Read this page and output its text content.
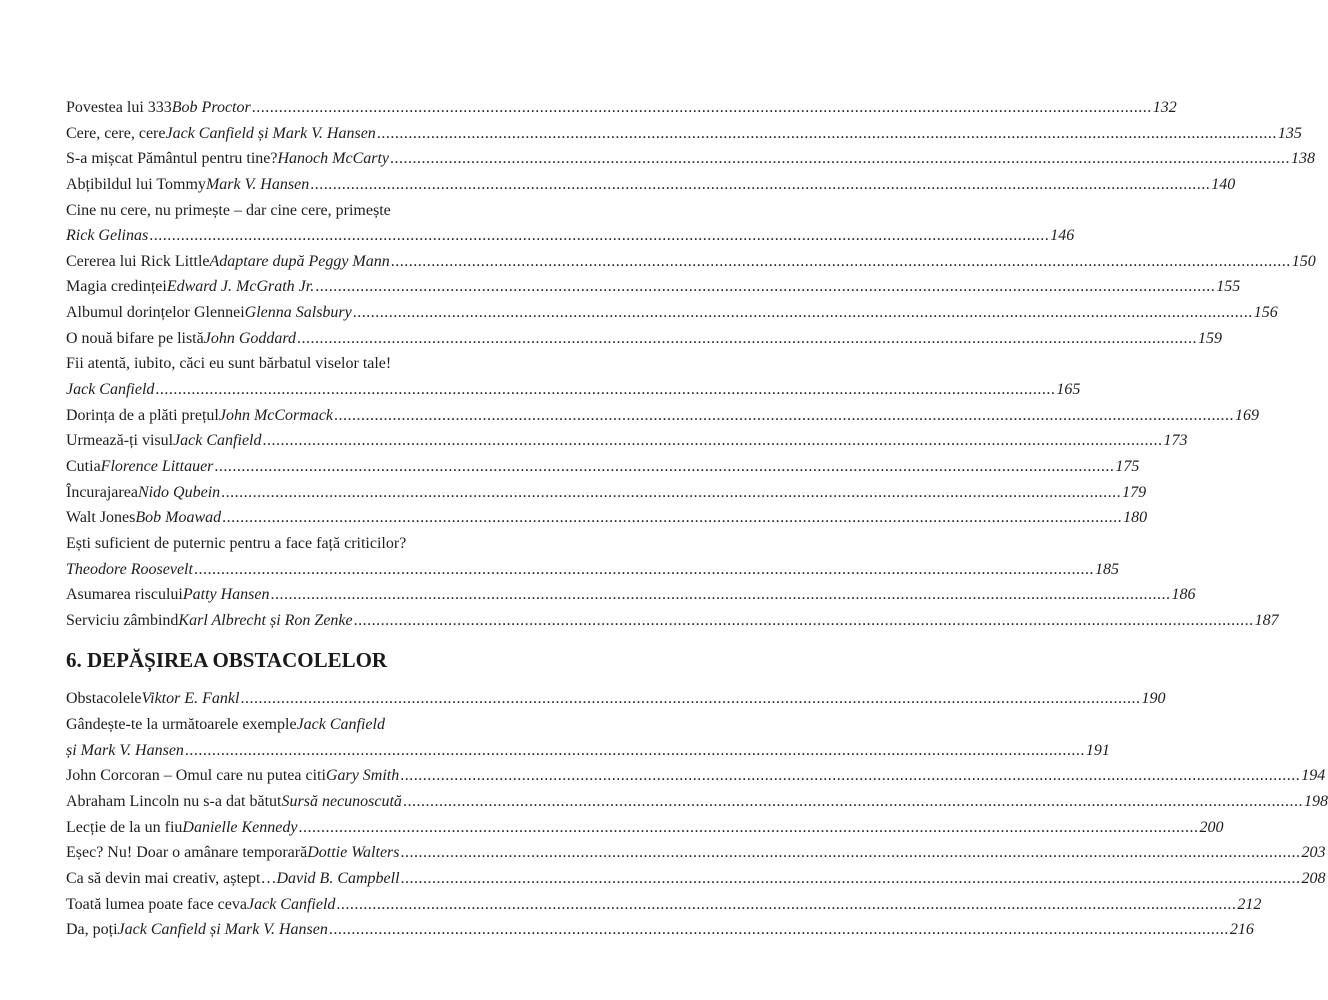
Povestea lui 333 Bob Proctor ........................................................................................................................................................................................................ 132
Cere, cere, cere Jack Canfield și Mark V. Hansen ........................................................................................................................................................................................................ 135
S-a mișcat Pământul pentru tine? Hanoch McCarty ........................................................................................................................................................................................................ 138
Abțibildul lui Tommy Mark V. Hansen ........................................................................................................................................................................................................ 140
Cine nu cere, nu primește – dar cine cere, primește
Rick Gelinas ........................................................................................................................................................................................................ 146
Cererea lui Rick Little Adaptare după Peggy Mann ........................................................................................................................................................................................................ 150
Magia credinței Edward J. McGrath Jr. ........................................................................................................................................................................................................ 155
Albumul dorințelor Glennei Glenna Salsbury ........................................................................................................................................................................................................ 156
O nouă bifare pe listă John Goddard ........................................................................................................................................................................................................ 159
Fii atentă, iubito, căci eu sunt bărbatul viselor tale!
Jack Canfield ........................................................................................................................................................................................................ 165
Dorința de a plăti prețul John McCormack ........................................................................................................................................................................................................ 169
Urmează-ți visul Jack Canfield ........................................................................................................................................................................................................ 173
Cutia Florence Littauer ........................................................................................................................................................................................................ 175
Încurajarea Nido Qubein ........................................................................................................................................................................................................ 179
Walt Jones Bob Moawad ........................................................................................................................................................................................................ 180
Ești suficient de puternic pentru a face față criticilor?
Theodore Roosevelt ........................................................................................................................................................................................................ 185
Asumarea riscului Patty Hansen ........................................................................................................................................................................................................ 186
Serviciu zâmbind Karl Albrecht și Ron Zenke ........................................................................................................................................................................................................ 187
6. DEPĂȘIREA OBSTACOLELOR
Obstacolele Viktor E. Fankl ........................................................................................................................................................................................................ 190
Gândește-te la următoarele exemple Jack Canfield
și Mark V. Hansen ........................................................................................................................................................................................................ 191
John Corcoran – Omul care nu putea citi Gary Smith ........................................................................................................................................................................................................ 194
Abraham Lincoln nu s-a dat bătut Sursă necunoscută ........................................................................................................................................................................................................ 198
Lecție de la un fiu Danielle Kennedy ........................................................................................................................................................................................................ 200
Eșec? Nu! Doar o amânare temporară Dottie Walters ........................................................................................................................................................................................................ 203
Ca să devin mai creativ, aștept… David B. Campbell ........................................................................................................................................................................................................ 208
Toată lumea poate face ceva Jack Canfield ........................................................................................................................................................................................................ 212
Da, poți Jack Canfield și Mark V. Hansen ........................................................................................................................................................................................................ 216
